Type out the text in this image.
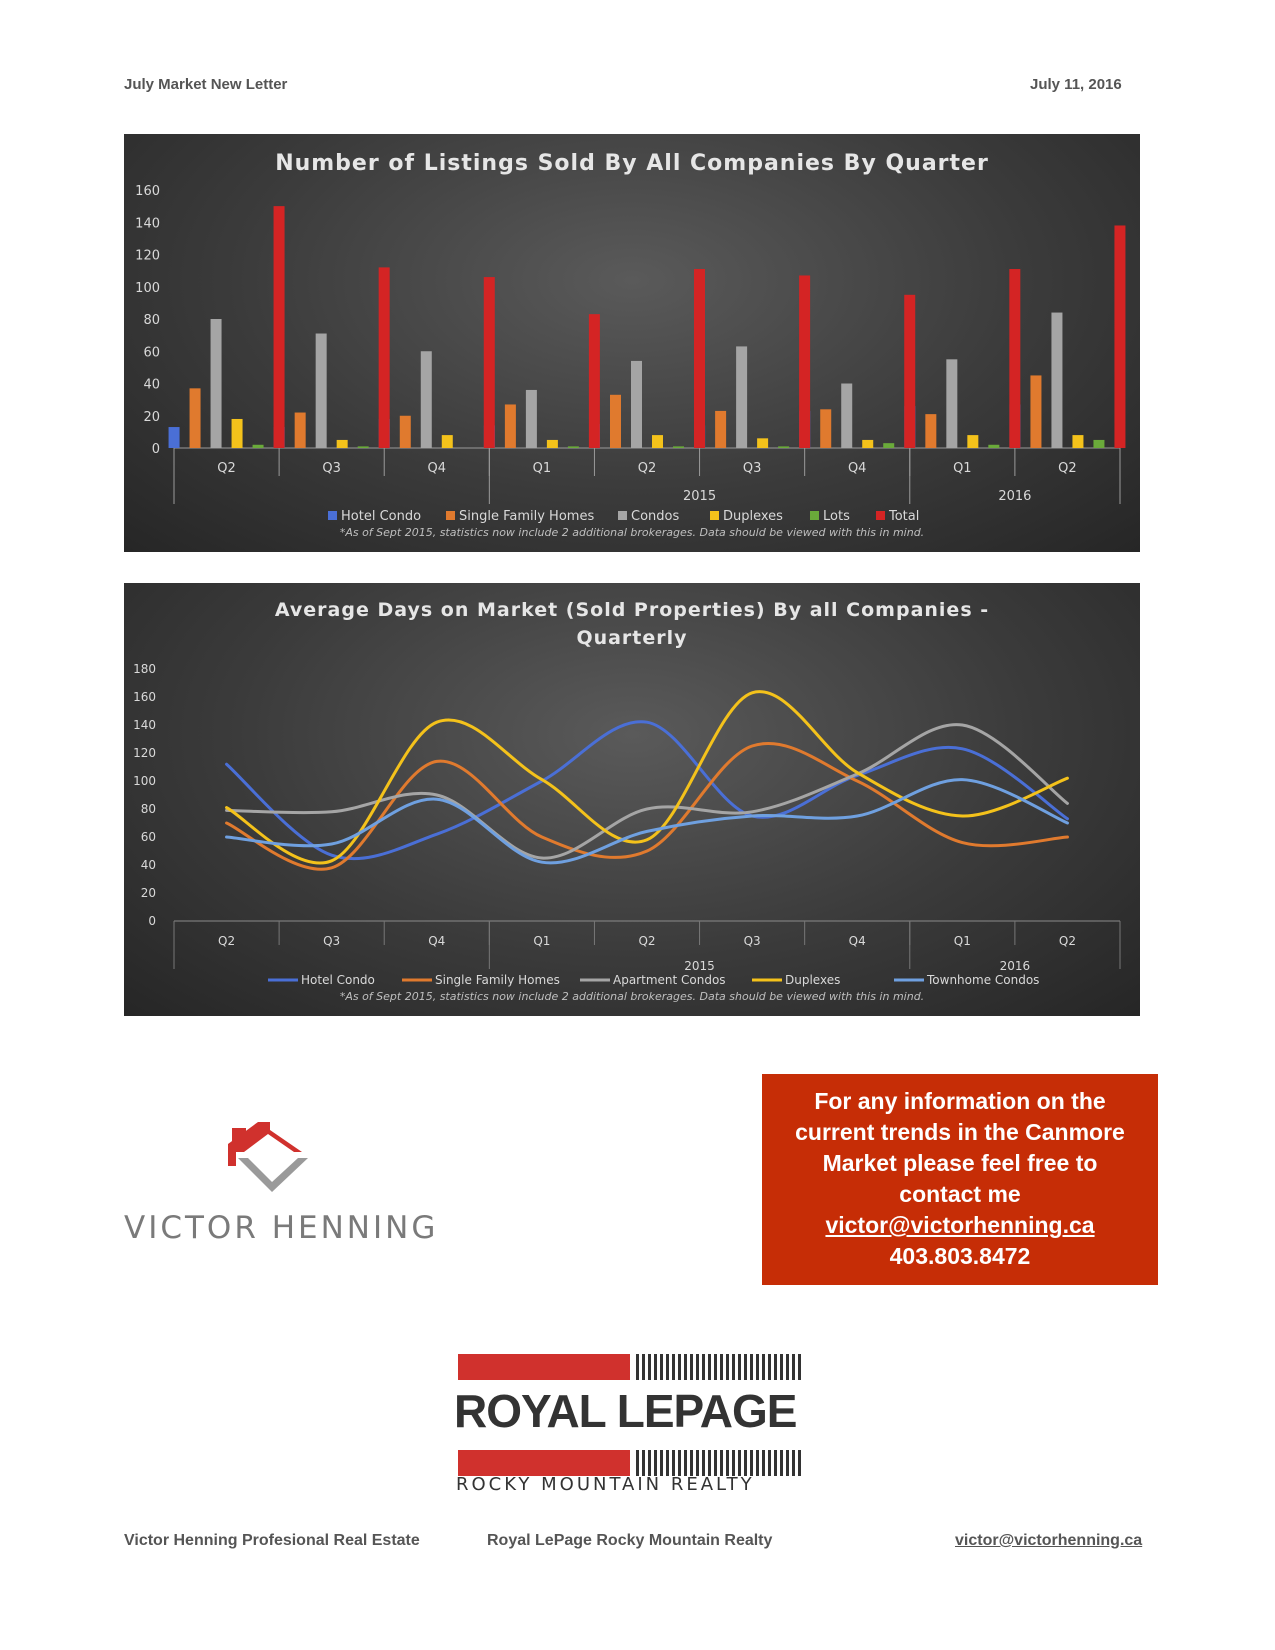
July Market New Letter	July 11, 2016
Number of Listings Sold By All Companies By Quarter
0
20
40
60
80
100
120
140
160
Q2	Q3	Q4	Q1	Q2	Q3	Q4	Q1	Q2
2015	2016
Hotel Condo	Single Family Homes	Condos	Duplexes	Lots	Total
*As of Sept 2015, statistics now include 2 additional brokerages. Data should be viewed with this in mind.
Average Days on Market (Sold Properties) By all Companies -
Quarterly
0
20
40
60
80
100
120
140
160
180
Q2	Q3	Q4	Q1	Q2	Q3	Q4	Q1	Q2
2015	2016
Hotel Condo	Single Family Homes	Apartment Condos	Duplexes	Townhome Condos
*As of Sept 2015, statistics now include 2 additional brokerages. Data should be viewed with this in mind.
VICTOR HENNING
For any information on the
current trends in the Canmore
Market please feel free to
contact me
victor@victorhenning.ca
403.803.8472
ROYAL LEPAGE
ROCKY MOUNTAIN REALTY
Victor Henning Profesional Real Estate	Royal LePage Rocky Mountain Realty	victor@victorhenning.ca
